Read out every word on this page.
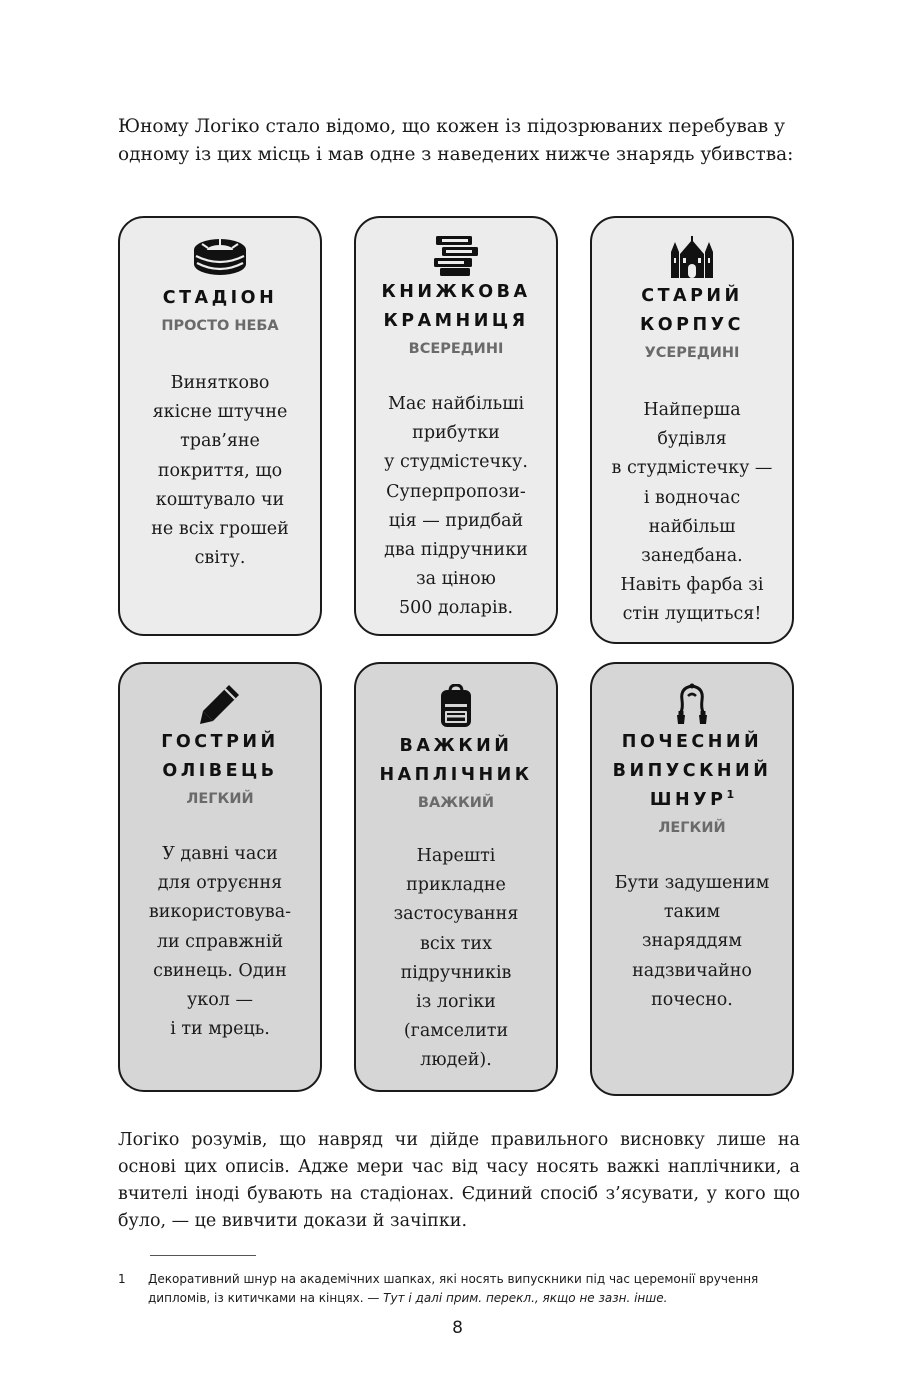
Юному Логіко стало відомо, що кожен із підозрюваних перебував у одному із цих місць і мав одне з наведених нижче знарядь убивства:

СТАДІОН

ПРОСТО НЕБА

Винятково

якісне штучне

трав’яне

покриття, що

коштувало чи

не всіх грошей

світу.

КНИЖКОВА

КРАМНИЦЯ

ВСЕРЕДИНІ

Має найбільші

прибутки

у студмістечку.

Суперпропози-

ція — придбай

два підручники

за ціною

500 доларів.

СТАРИЙ

КОРПУС

УСЕРЕДИНІ

Найперша

будівля

в студмістечку —

і водночас

найбільш

занедбана.

Навіть фарба зі

стін лущиться!

ГОСТРИЙ

ОЛІВЕЦЬ

ЛЕГКИЙ

У давні часи

для отруєння

використовува-

ли справжній

свинець. Один

укол —

і ти мрець.

ВАЖКИЙ

НАПЛІЧНИК

ВАЖКИЙ

Нарешті

прикладне

застосування

всіх тих

підручників

із логіки

(гамселити

людей).

ПОЧЕСНИЙ

ВИПУСКНИЙ

ШНУР$^1$

ЛЕГКИЙ

Бути задушеним

таким

знаряддям

надзвичайно

почесно.

Логіко розумів, що навряд чи дійде правильного висновку лише на основі цих описів. Адже мери час від часу носять важкі наплічники, а вчителі іноді бувають на стадіонах. Єдиний спосіб з’ясувати, у кого що було, — це вивчити докази й зачіпки.

1 Декоративний шнур на академічних шапках, які носять випускники під час церемонії вручення дипломів, із китичками на кінцях. — Тут і далі прим. перекл., якщо не зазн. інше.
8
